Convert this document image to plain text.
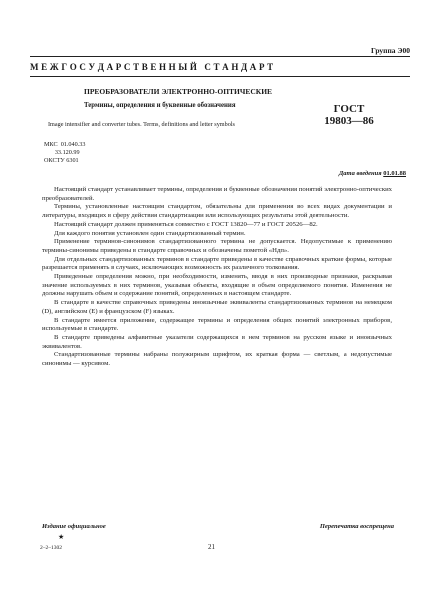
Группа Э00
М Е Ж Г О С У Д А Р С Т В Е Н Н Ы Й   С Т А Н Д А Р Т
ПРЕОБРАЗОВАТЕЛИ ЭЛЕКТРОННО-ОПТИЧЕСКИЕ
Термины, определения и буквенные обозначения	ГОСТ
19803—86
Image intensifier and converter tubes. Terms, definitions and letter symbols
МКС  01.040.33
33.120.99
ОКСТУ 6301
Дата введения 01.01.88

Настоящий стандарт устанавливает термины, определения и буквенные обозначения понятий электронно-оптических преобразователей.

Термины, установленные настоящим стандартом, обязательны для применения во всех видах документации и литературы, входящих в сферу действия стандартизации или использующих результаты этой деятельности.

Настоящий стандарт должен применяться совместно с ГОСТ 13820—77 и ГОСТ 20526—82.

Для каждого понятия установлен один стандартизованный термин.

Применение терминов-синонимов стандартизованного термина не допускается. Недопустимые к применению термины-синонимы приведены в стандарте справочных и обозначены пометой «Ндп».

Для отдельных стандартизованных терминов в стандарте приведены в качестве справочных краткие формы, которые разрешается применять в случаях, исключающих возможность их различного толкования.

Приведенные определения можно, при необходимости, изменять, вводя в них производные признаки, раскрывая значение используемых в них терминов, указывая объекты, входящие в объем определяемого понятия. Изменения не должны нарушать объем и содержание понятий, определенных в настоящем стандарте.

В стандарте в качестве справочных приведены иноязычные эквиваленты стандартизованных терминов на немецком (D), английском (E) и французском (F) языках.

В стандарте имеется приложение, содержащее термины и определения общих понятий электронных приборов, используемые в стандарте.

В стандарте приведены алфавитные указатели содержащихся в нем терминов на русском языке и иноязычных эквивалентов.

Стандартизованные термины набраны полужирным шрифтом, их краткая форма — светлым, а недопустимые синонимы — курсивом.

Издание официальное	Перепечатка воспрещена
★
21
2–2–1302
